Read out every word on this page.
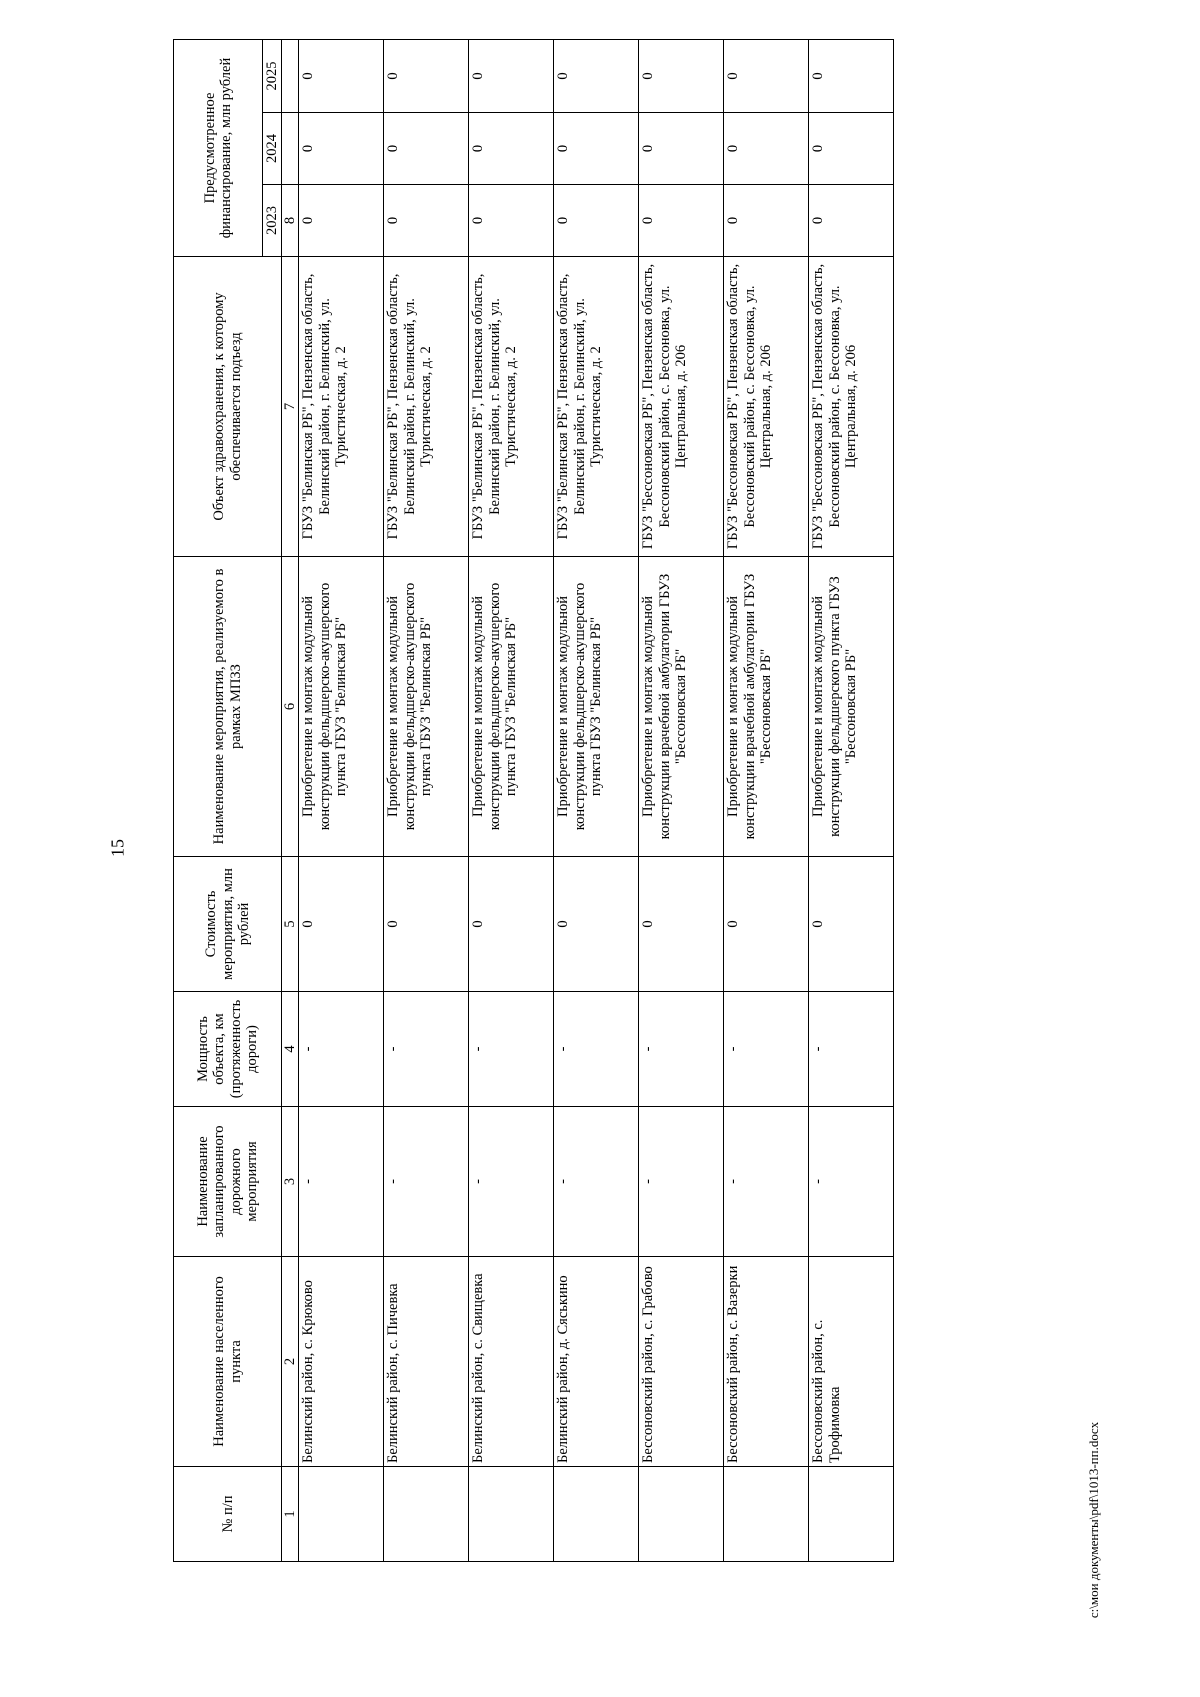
15
№ п/п	Наименование населенного пункта	Наименование запланированного дорожного мероприятия	Мощность объекта, км (протяженность дороги)	Стоимость мероприятия, млн рублей	Наименование мероприятия, реализуемого в рамках МПЗЗ	Объект здравоохранения, к которому обеспечивается подъезд	Предусмотренное финансирование, млн рублей		
							2023	2024	2025
1	2	3	4	5	6	7	8		
	Белинский район, с. Крюково	-	-	0	Приобретение и монтаж модульной конструкции фельдшерско-акушерского пункта ГБУЗ "Белинская РБ"	ГБУЗ "Белинская РБ", Пензенская область, Белинский район, г. Белинский, ул. Туристическая, д. 2	0	0	0
	Белинский район, с. Пичевка	-	-	0	Приобретение и монтаж модульной конструкции фельдшерско-акушерского пункта ГБУЗ "Белинская РБ"	ГБУЗ "Белинская РБ", Пензенская область, Белинский район, г. Белинский, ул. Туристическая, д. 2	0	0	0
	Белинский район, с. Свищевка	-	-	0	Приобретение и монтаж модульной конструкции фельдшерско-акушерского пункта ГБУЗ "Белинская РБ"	ГБУЗ "Белинская РБ", Пензенская область, Белинский район, г. Белинский, ул. Туристическая, д. 2	0	0	0
	Белинский район, д. Сяськино	-	-	0	Приобретение и монтаж модульной конструкции фельдшерско-акушерского пункта ГБУЗ "Белинская РБ"	ГБУЗ "Белинская РБ", Пензенская область, Белинский район, г. Белинский, ул. Туристическая, д. 2	0	0	0
	Бессоновский район, с. Грабово	-	-	0	Приобретение и монтаж модульной конструкции врачебной амбулатории ГБУЗ "Бессоновская РБ"	ГБУЗ "Бессоновская РБ", Пензенская область, Бессоновский район, с. Бессоновка, ул. Центральная, д. 206	0	0	0
	Бессоновский район, с. Вазерки	-	-	0	Приобретение и монтаж модульной конструкции врачебной амбулатории ГБУЗ "Бессоновская РБ"	ГБУЗ "Бессоновская РБ", Пензенская область, Бессоновский район, с. Бессоновка, ул. Центральная, д. 206	0	0	0
	Бессоновский район, с. Трофимовка	-	-	0	Приобретение и монтаж модульной конструкции фельдшерского пункта ГБУЗ "Бессоновская РБ"	ГБУЗ "Бессоновская РБ", Пензенская область, Бессоновский район, с. Бессоновка, ул. Центральная, д. 206	0	0	0
c:\мои документы\pdf\1013-пп.docx
